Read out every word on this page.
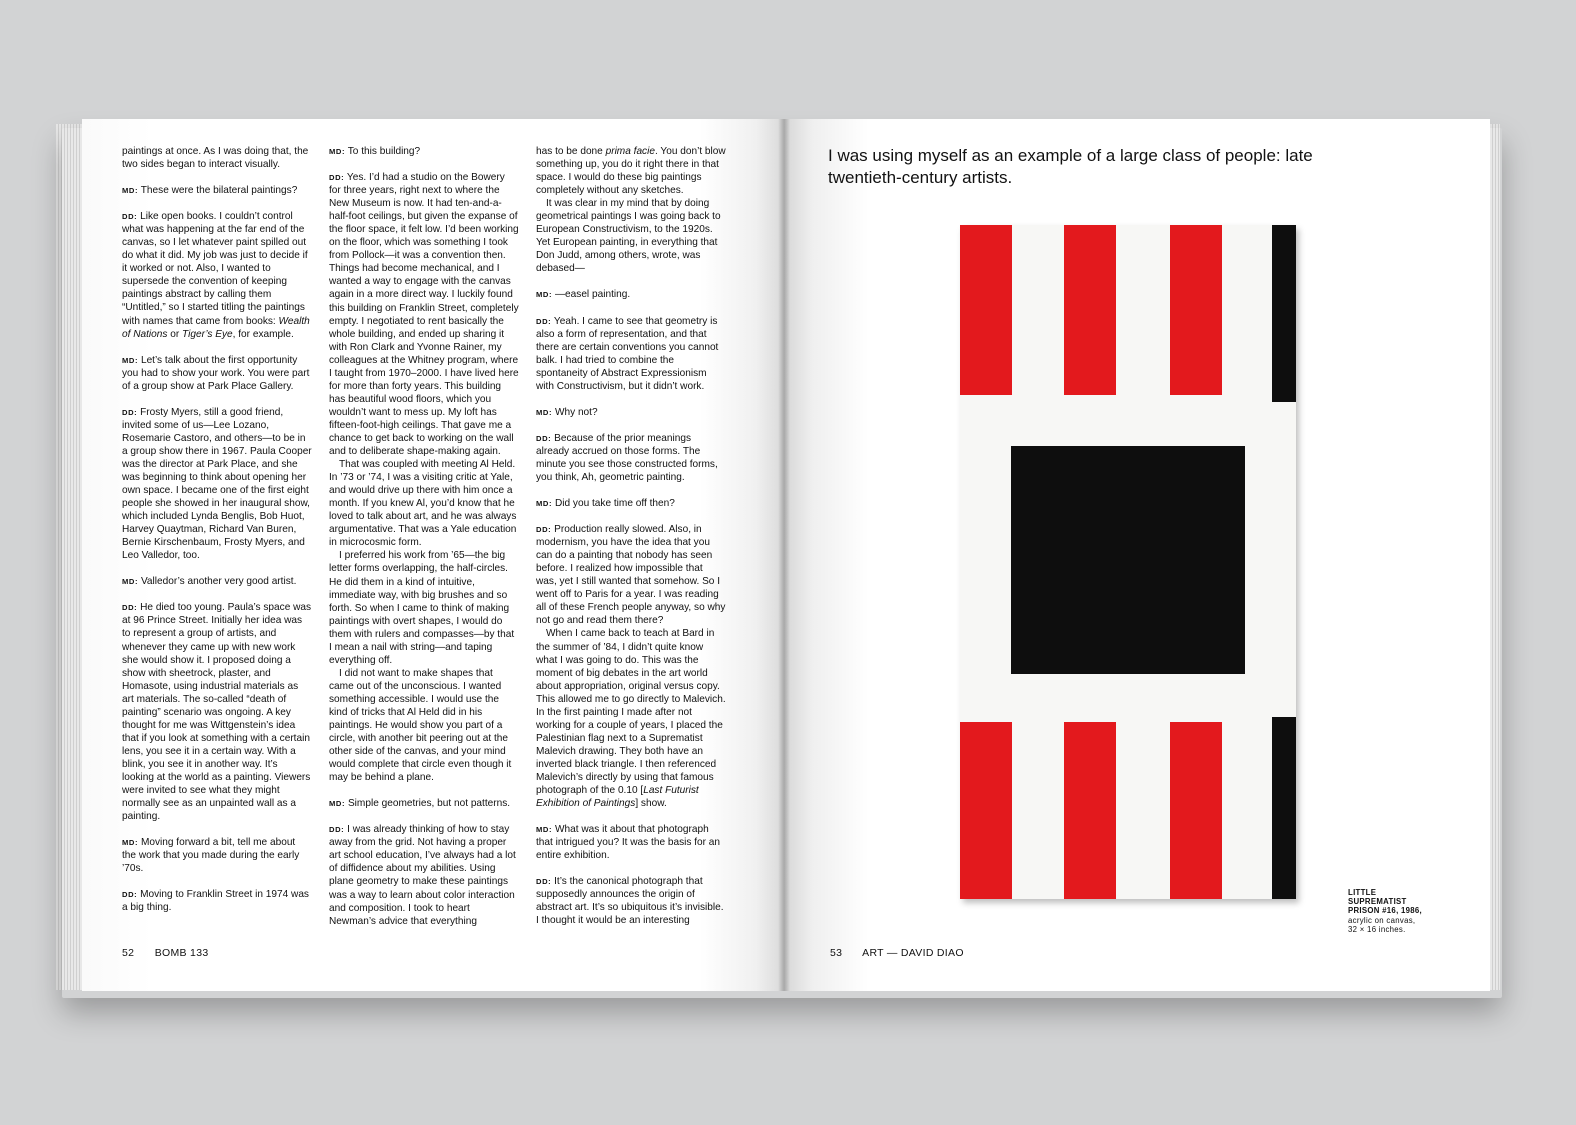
paintings at once. As I was doing that, the two sides began to interact visually.

MD: These were the bilateral paintings?

DD: Like open books. I couldn’t control what was happening at the far end of the canvas, so I let whatever paint spilled out do what it did. My job was just to decide if it worked or not. Also, I wanted to supersede the convention of keeping paintings abstract by calling them “Untitled,” so I started titling the paintings with names that came from books: Wealth of Nations or Tiger’s Eye, for example.

MD: Let’s talk about the first opportunity you had to show your work. You were part of a group show at Park Place Gallery.

DD: Frosty Myers, still a good friend, invited some of us—Lee Lozano, Rosemarie Castoro, and others—to be in a group show there in 1967. Paula Cooper was the director at Park Place, and she was beginning to think about opening her own space. I became one of the first eight people she showed in her inaugural show, which included Lynda Benglis, Bob Huot, Harvey Quaytman, Richard Van Buren, Bernie Kirschenbaum, Frosty Myers, and Leo Valledor, too.

MD: Valledor’s another very good artist.

DD: He died too young. Paula’s space was at 96 Prince Street. Initially her idea was to represent a group of artists, and whenever they came up with new work she would show it. I proposed doing a show with sheetrock, plaster, and Homasote, using industrial materials as art materials. The so-called “death of painting” scenario was ongoing. A key thought for me was Wittgenstein’s idea that if you look at something with a certain lens, you see it in a certain way. With a blink, you see it in another way. It’s looking at the world as a painting. Viewers were invited to see what they might normally see as an unpainted wall as a painting.

MD: Moving forward a bit, tell me about the work that you made during the early ’70s.

DD: Moving to Franklin Street in 1974 was a big thing.

MD: To this building?

DD: Yes. I’d had a studio on the Bowery for three years, right next to where the New Museum is now. It had ten-and-a-half-foot ceilings, but given the expanse of the floor space, it felt low. I’d been working on the floor, which was something I took from Pollock—it was a convention then. Things had become mechanical, and I wanted a way to engage with the canvas again in a more direct way. I luckily found this building on Franklin Street, completely empty. I negotiated to rent basically the whole building, and ended up sharing it with Ron Clark and Yvonne Rainer, my colleagues at the Whitney program, where I taught from 1970–2000. I have lived here for more than forty years. This building has beautiful wood floors, which you wouldn’t want to mess up. My loft has fifteen-foot-high ceilings. That gave me a chance to get back to working on the wall and to deliberate shape-making again.

That was coupled with meeting Al Held. In ’73 or ’74, I was a visiting critic at Yale, and would drive up there with him once a month. If you knew Al, you’d know that he loved to talk about art, and he was always argumentative. That was a Yale education in microcosmic form.

I preferred his work from ’65—the big letter forms overlapping, the half-circles. He did them in a kind of intuitive, immediate way, with big brushes and so forth. So when I came to think of making paintings with overt shapes, I would do them with rulers and compasses—by that I mean a nail with string—and taping everything off.

I did not want to make shapes that came out of the unconscious. I wanted something accessible. I would use the kind of tricks that Al Held did in his paintings. He would show you part of a circle, with another bit peering out at the other side of the canvas, and your mind would complete that circle even though it may be behind a plane.

MD: Simple geometries, but not patterns.

DD: I was already thinking of how to stay away from the grid. Not having a proper art school education, I’ve always had a lot of diffidence about my abilities. Using plane geometry to make these paintings was a way to learn about color interaction and composition. I took to heart Newman’s advice that everything

has to be done prima facie. You don’t blow something up, you do it right there in that space. I would do these big paintings completely without any sketches.

It was clear in my mind that by doing geometrical paintings I was going back to European Constructivism, to the 1920s. Yet European painting, in everything that Don Judd, among others, wrote, was debased—

MD: —easel painting.

DD: Yeah. I came to see that geometry is also a form of representation, and that there are certain conventions you cannot balk. I had tried to combine the spontaneity of Abstract Expressionism with Constructivism, but it didn’t work.

MD: Why not?

DD: Because of the prior meanings already accrued on those forms. The minute you see those constructed forms, you think, Ah, geometric painting.

MD: Did you take time off then?

DD: Production really slowed. Also, in modernism, you have the idea that you can do a painting that nobody has seen before. I realized how impossible that was, yet I still wanted that somehow. So I went off to Paris for a year. I was reading all of these French people anyway, so why not go and read them there?

When I came back to teach at Bard in the summer of ’84, I didn’t quite know what I was going to do. This was the moment of big debates in the art world about appropriation, original versus copy. This allowed me to go directly to Malevich. In the first painting I made after not working for a couple of years, I placed the Palestinian flag next to a Suprematist Malevich drawing. They both have an inverted black triangle. I then referenced Malevich’s directly by using that famous photograph of the 0.10 [Last Futurist Exhibition of Paintings] show.

MD: What was it about that photograph that intrigued you? It was the basis for an entire exhibition.

DD: It’s the canonical photograph that supposedly announces the origin of abstract art. It’s so ubiquitous it’s invisible. I thought it would be an interesting

52 BOMB 133
I was using myself as an example of a large class of people: late twentieth-century artists.
LITTLE
SUPREMATIST
PRISON #16, 1986,
acrylic on canvas,
32 × 16 inches.
53 ART — DAVID DIAO
